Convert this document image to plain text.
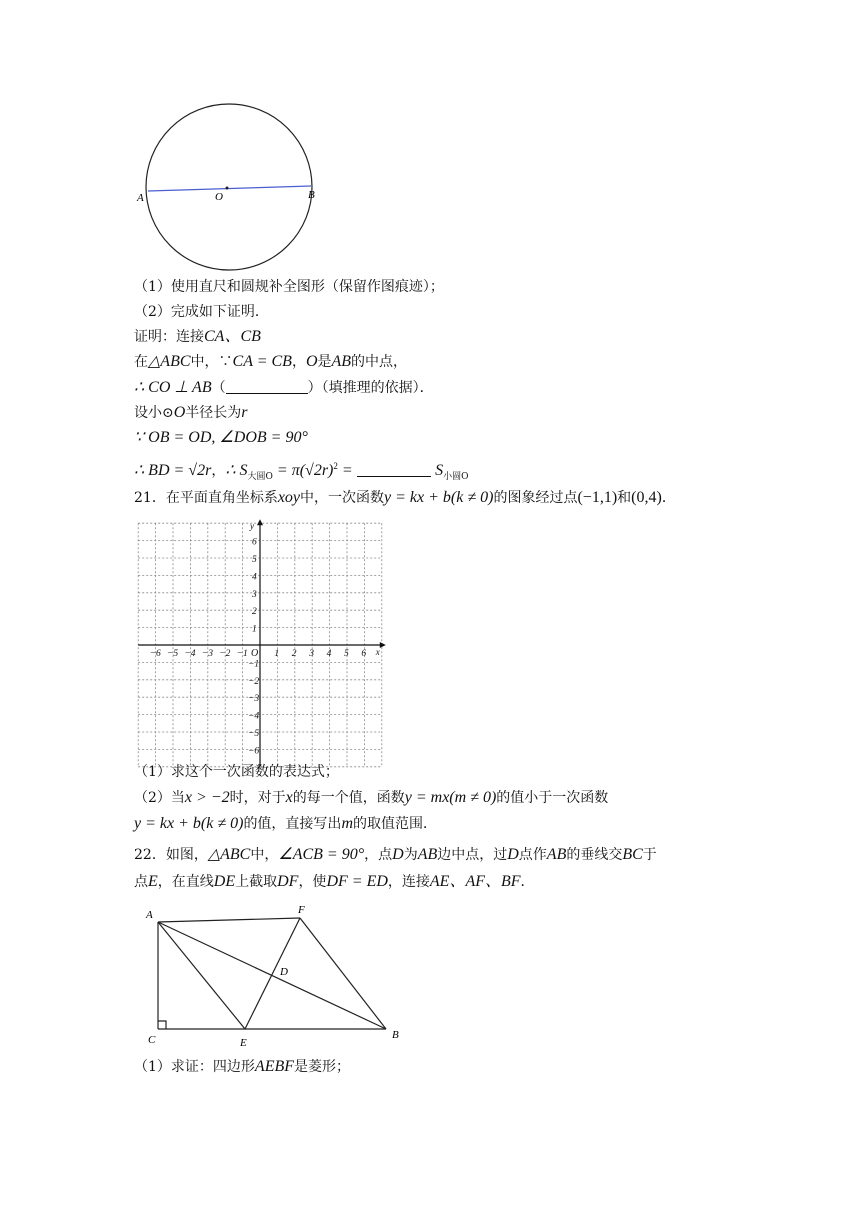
A	O	B
（1）使用直尺和圆规补全图形（保留作图痕迹）；
（2）完成如下证明．
证明：连接CA、CB
在△ABC中，∵CA = CB，O是AB的中点，
∴ CO ⊥ AB（	）（填推理的依据）．
设小⊙O半径长为r
∵ OB = OD, ∠DOB = 90°
∴ BD = √2r，∴ $S_{大圆O} = \pi(√2r)^2$ =	$S_{小圆O}$
21．在平面直角坐标系xoy中，一次函数y = kx + b(k ≠ 0)的图象经过点(−1,1)和(0,4)．
x
y
O
−6 −5 −4 −3 −2 −1	1 2 3 4 5 6
6
5
4
3
2
1
−1
−2
−3
−4
−5
−6
（1）求这个一次函数的表达式；
（2）当x > −2时，对于x的每一个值，函数y = mx(m ≠ 0)的值小于一次函数
y = kx + b(k ≠ 0)的值，直接写出m的取值范围．
22．如图，△ABC中，∠ACB = 90°，点D为AB边中点，过D点作AB的垂线交BC于
点E，在直线DE上截取DF，使DF = ED，连接AE、AF、BF．
A	F
D
C	E
B
（1）求证：四边形AEBF是菱形；
